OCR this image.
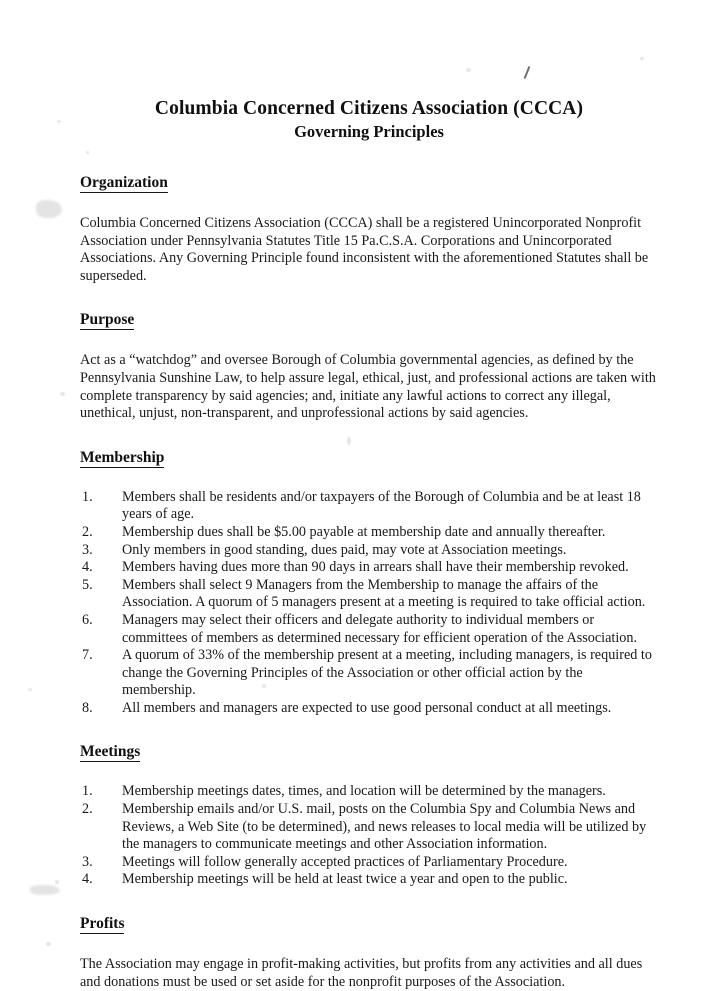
Columbia Concerned Citizens Association (CCCA)
Governing Principles
Organization

Columbia Concerned Citizens Association (CCCA) shall be a registered Unincorporated Nonprofit Association under Pennsylvania Statutes Title 15 Pa.C.S.A. Corporations and Unincorporated Associations. Any Governing Principle found inconsistent with the aforementioned Statutes shall be superseded.

Purpose

Act as a “watchdog” and oversee Borough of Columbia governmental agencies, as defined by the Pennsylvania Sunshine Law, to help assure legal, ethical, just, and professional actions are taken with complete transparency by said agencies; and, initiate any lawful actions to correct any illegal, unethical, unjust, non-transparent, and unprofessional actions by said agencies.

Membership
1.	Members shall be residents and/or taxpayers of the Borough of Columbia and be at least 18 years of age.
2.	Membership dues shall be $5.00 payable at membership date and annually thereafter.
3.	Only members in good standing, dues paid, may vote at Association meetings.
4.	Members having dues more than 90 days in arrears shall have their membership revoked.
5.	Members shall select 9 Managers from the Membership to manage the affairs of the Association. A quorum of 5 managers present at a meeting is required to take official action.
6.	Managers may select their officers and delegate authority to individual members or committees of members as determined necessary for efficient operation of the Association.
7.	A quorum of 33% of the membership present at a meeting, including managers, is required to change the Governing Principles of the Association or other official action by the membership.
8.	All members and managers are expected to use good personal conduct at all meetings.
Meetings
1.	Membership meetings dates, times, and location will be determined by the managers.
2.	Membership emails and/or U.S. mail, posts on the Columbia Spy and Columbia News and Reviews, a Web Site (to be determined), and news releases to local media will be utilized by the managers to communicate meetings and other Association information.
3.	Meetings will follow generally accepted practices of Parliamentary Procedure.
4.	Membership meetings will be held at least twice a year and open to the public.
Profits

The Association may engage in profit-making activities, but profits from any activities and all dues and donations must be used or set aside for the nonprofit purposes of the Association.
